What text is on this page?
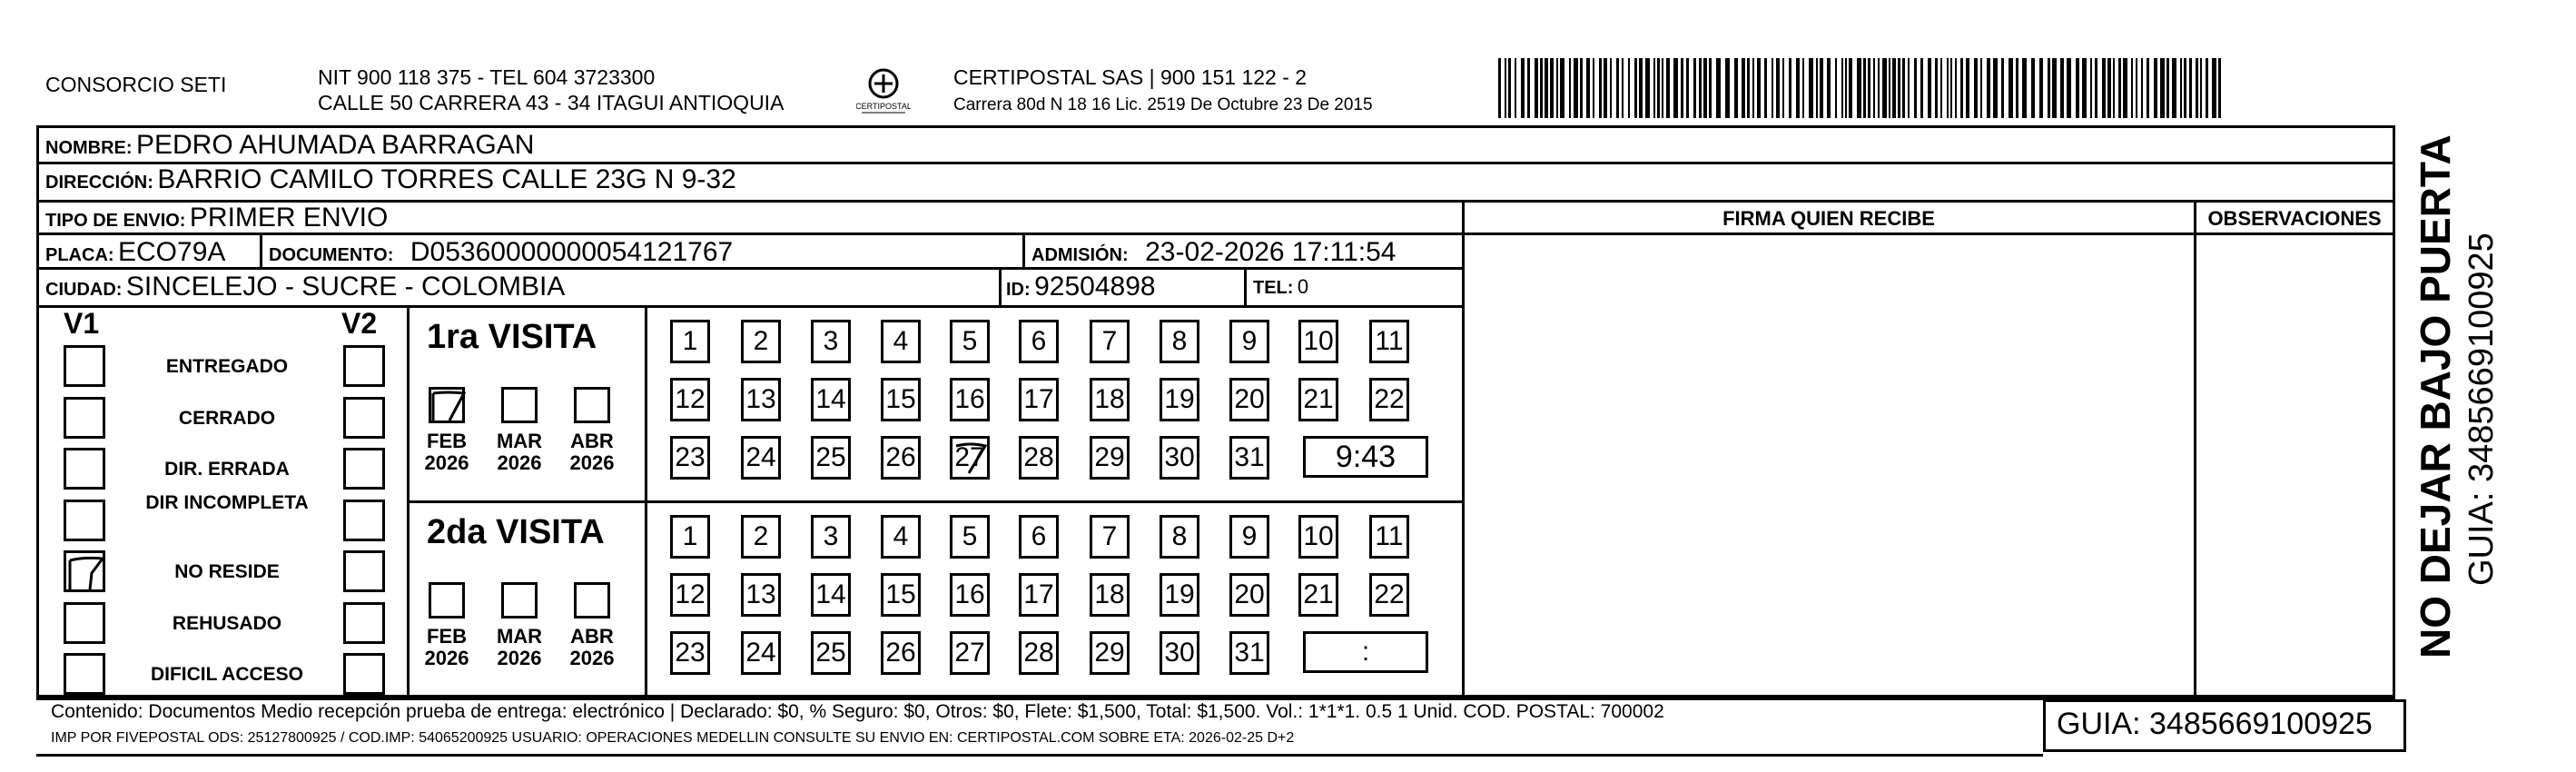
CONSORCIO SETI	NIT 900 118 375 - TEL 604 3723300
CALLE 50 CARRERA 43 - 34 ITAGUI ANTIOQUIA	CERTIPOSTAL
CERTIPOSTAL SAS | 900 151 122 - 2
Carrera 80d N 18 16 Lic. 2519 De Octubre 23 De 2015
NOMBRE: PEDRO AHUMADA BARRAGAN
DIRECCIÓN: BARRIO CAMILO TORRES CALLE 23G N 9-32
TIPO DE ENVIO: PRIMER ENVIO	FIRMA QUIEN RECIBE	OBSERVACIONES
PLACA: ECO79A DOCUMENTO: D05360000000054121767	ADMISIÓN: 23-02-2026 17:11:54
CIUDAD: SINCELEJO - SUCRE - COLOMBIA	ID: 92504898	TEL: 0
V1	V2
ENTREGADO
CERRADO
DIR. ERRADA
DIR INCOMPLETA
NO RESIDE
REHUSADO
DIFICIL ACCESO
1ra VISITA
FEB
2026
MAR
2026
ABR
2026
1	2	3	4	5	6	7	8	9	10 11
12 13 14 15 16 17 18 19 20 21 22
23 24 25 26 27 28 29 30 31	9:43
2da VISITA
FEB
2026
MAR
2026
ABR
2026
1	2	3	4	5	6	7	8	9	10 11
12 13 14 15 16 17 18 19 20 21 22
23 24 25 26 27 28 29 30 31	:
Contenido: Documentos Medio recepción prueba de entrega: electrónico | Declarado: $0, % Seguro: $0, Otros: $0, Flete: $1,500, Total: $1,500. Vol.: 1*1*1. 0.5 1 Unid. COD. POSTAL: 700002
IMP POR FIVEPOSTAL ODS: 25127800925 / COD.IMP: 54065200925 USUARIO: OPERACIONES MEDELLIN CONSULTE SU ENVIO EN: CERTIPOSTAL.COM SOBRE ETA: 2026-02-25 D+2	GUIA: 3485669100925
NO DEJAR BAJO PUERTA GUIA: 3485669100925
